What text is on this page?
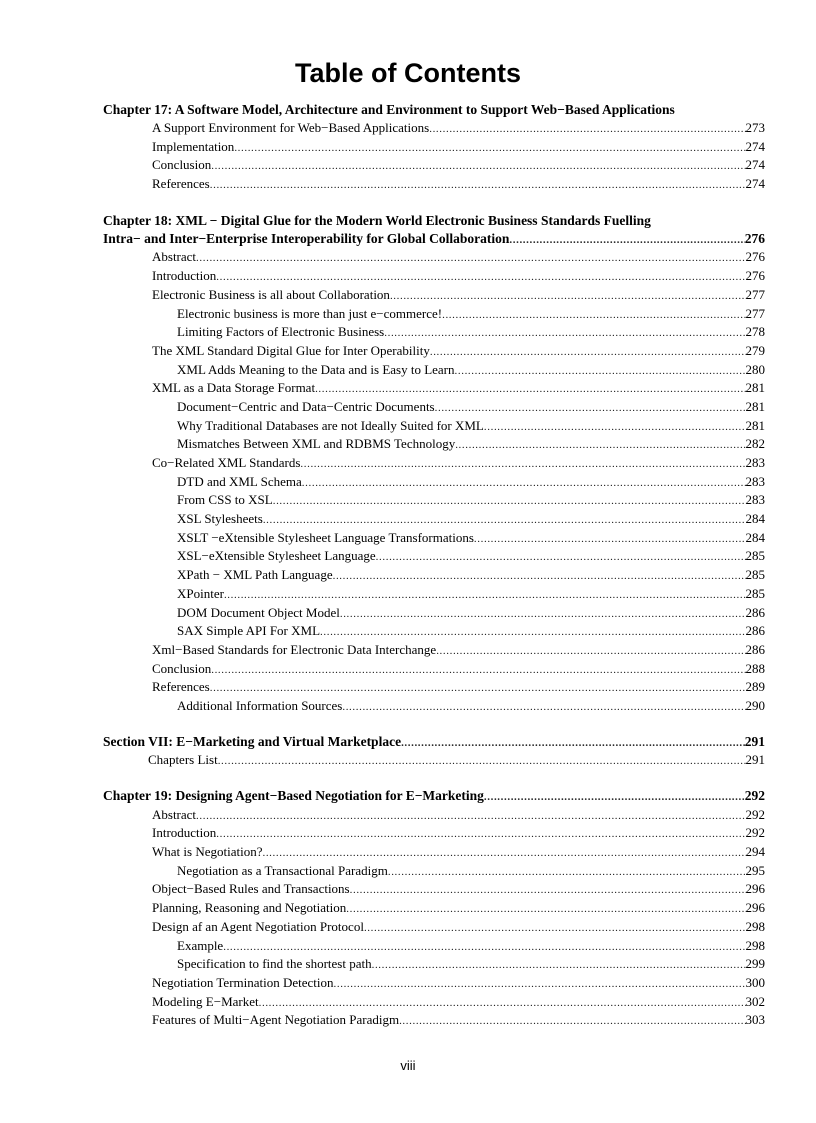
Table of Contents
Chapter 17: A Software Model, Architecture and Environment to Support Web−Based Applications
A Support Environment for Web−Based Applications .....	273
Implementation .....	274
Conclusion .....	274
References .....	274
Chapter 18: XML − Digital Glue for the Modern World Electronic Business Standards Fuelling
Intra− and Inter−Enterprise Interoperability for Global Collaboration .....	276
Abstract .....	276
Introduction .....	276
Electronic Business is all about Collaboration .....	277
Electronic business is more than just e−commerce! .....	277
Limiting Factors of Electronic Business .....	278
The XML Standard Digital Glue for Inter Operability .....	279
XML Adds Meaning to the Data and is Easy to Learn .....	280
XML as a Data Storage Format .....	281
Document−Centric and Data−Centric Documents .....	281
Why Traditional Databases are not Ideally Suited for XML .....	281
Mismatches Between XML and RDBMS Technology .....	282
Co−Related XML Standards .....	283
DTD and XML Schema .....	283
From CSS to XSL .....	283
XSL Stylesheets .....	284
XSLT −eXtensible Stylesheet Language Transformations .....	284
XSL−eXtensible Stylesheet Language .....	285
XPath − XML Path Language .....	285
XPointer .....	285
DOM Document Object Model .....	286
SAX Simple API For XML .....	286
Xml−Based Standards for Electronic Data Interchange .....	286
Conclusion .....	288
References .....	289
Additional Information Sources .....	290
Section VII: E−Marketing and Virtual Marketplace .....	291
Chapters List .....	291
Chapter 19: Designing Agent−Based Negotiation for E−Marketing .....	292
Abstract .....	292
Introduction .....	292
What is Negotiation? .....	294
Negotiation as a Transactional Paradigm .....	295
Object−Based Rules and Transactions .....	296
Planning, Reasoning and Negotiation .....	296
Design af an Agent Negotiation Protocol .....	298
Example .....	298
Specification to find the shortest path .....	299
Negotiation Termination Detection .....	300
Modeling E−Market .....	302
Features of Multi−Agent Negotiation Paradigm .....	303
viii
